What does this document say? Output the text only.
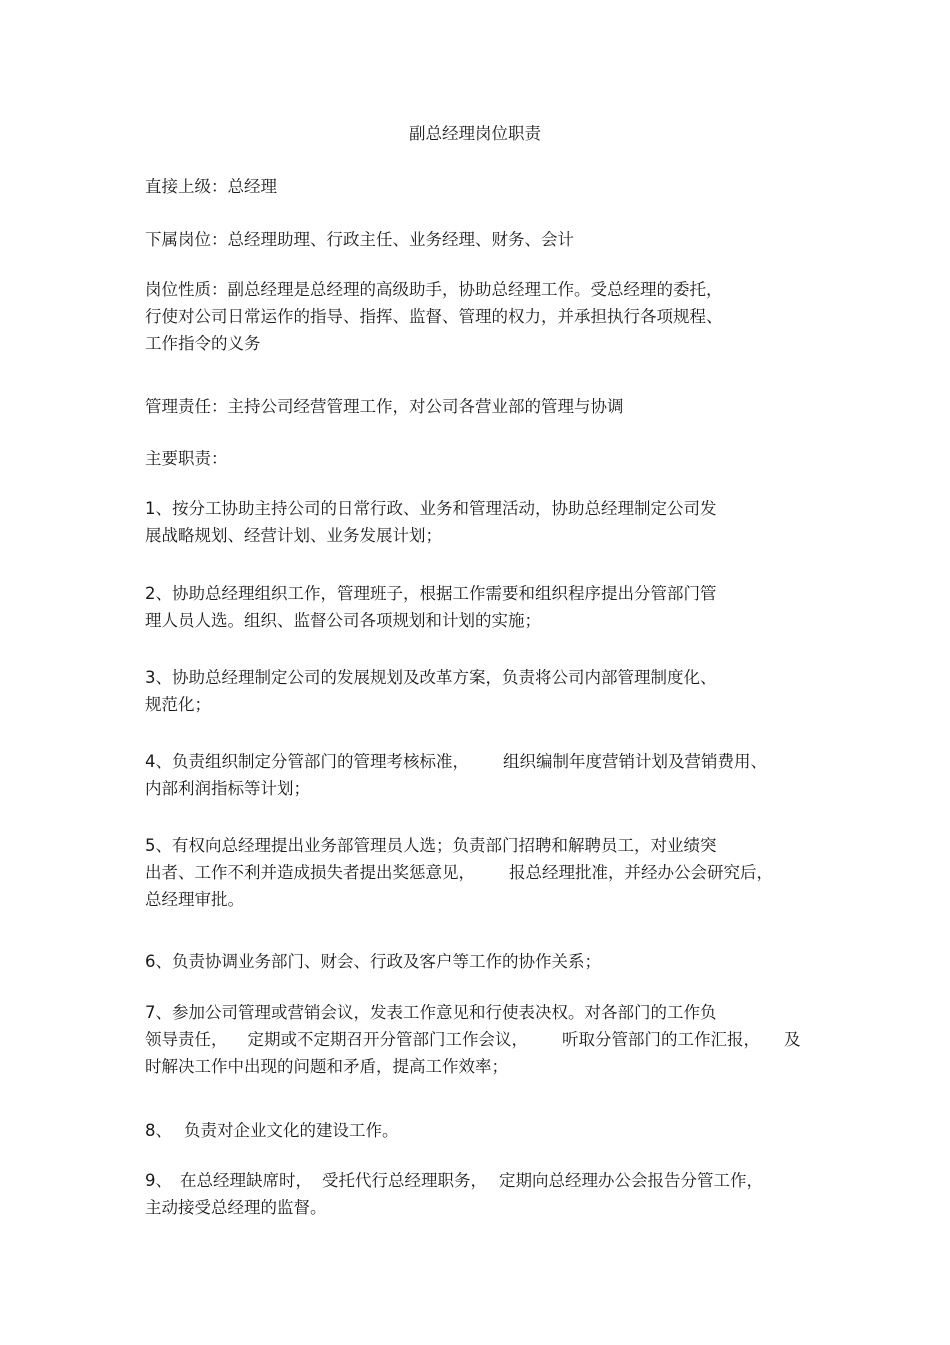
副总经理岗位职责

直接上级：总经理

下属岗位：总经理助理、行政主任、业务经理、财务、会计

岗位性质：副总经理是总经理的高级助手，协助总经理工作。受总经理的委托，
行使对公司日常运作的指导、指挥、监督、管理的权力，并承担执行各项规程、
工作指令的义务

管理责任：主持公司经营管理工作，对公司各营业部的管理与协调

主要职责：

1、按分工协助主持公司的日常行政、业务和管理活动，协助总经理制定公司发
展战略规划、经营计划、业务发展计划；

2、协助总经理组织工作，管理班子，根据工作需要和组织程序提出分管部门管
理人员人选。组织、监督公司各项规划和计划的实施；

3、协助总经理制定公司的发展规划及改革方案，负责将公司内部管理制度化、
规范化；

4、负责组织制定分管部门的管理考核标准， 组织编制年度营销计划及营销费用、
内部利润指标等计划；

5、有权向总经理提出业务部管理员人选；负责部门招聘和解聘员工，对业绩突
出者、工作不利并造成损失者提出奖惩意见， 报总经理批准，并经办公会研究后，
总经理审批。

6、负责协调业务部门、财会、行政及客户等工作的协作关系；

7、参加公司管理或营销会议，发表工作意见和行使表决权。对各部门的工作负
领导责任， 定期或不定期召开分管部门工作会议， 听取分管部门的工作汇报， 及
时解决工作中出现的问题和矛盾，提高工作效率；

8、 负责对企业文化的建设工作。

9、 在总经理缺席时， 受托代行总经理职务， 定期向总经理办公会报告分管工作，
主动接受总经理的监督。
